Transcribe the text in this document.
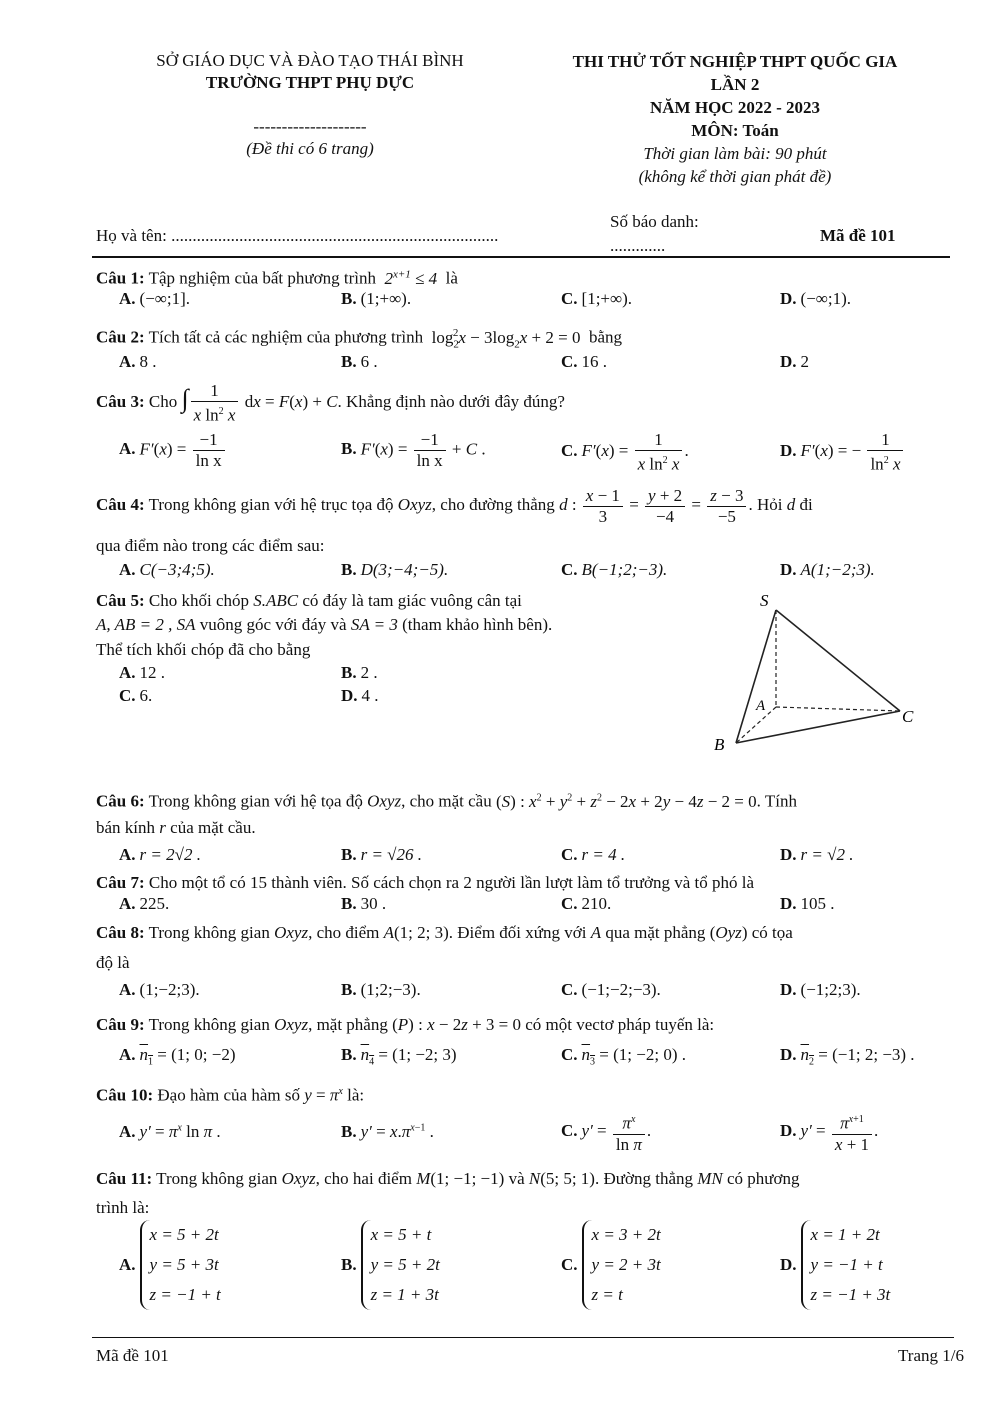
SỞ GIÁO DỤC VÀ ĐÀO TẠO THÁI BÌNH
TRƯỜNG THPT PHỤ DỰC
--------------------
(Đề thi có 6 trang)
THI THỬ TỐT NGHIỆP THPT QUỐC GIA
LẦN 2
NĂM HỌC 2022 - 2023
MÔN: Toán
Thời gian làm bài: 90 phút
(không kể thời gian phát đề)
Họ và tên: .............................................................................
Số báo danh:
.............
Mã đề 101
Câu 1: Tập nghiệm của bất phương trình  $2^{x+1} \le 4$  là
A. (−∞;1].	B. (1;+∞).	C. [1;+∞).	D. (−∞;1).
Câu 2: Tích tất cả các nghiệm của phương trình  $\log_2^2x - 3\log_2x + 2 = 0$  bằng
A. 8 .	B. 6 .	C. 16 .	D. 2
Câu 3: Cho ∫ $\frac{1}{x \ln^2 x}$ dx = F(x) + C. Khẳng định nào dưới đây đúng?
A. $F'(x) = \frac{-1}{\text{ln x}}$	B. $F'(x) = \frac{-1}{\text{ln x}} + C$ .	C. $F'(x) = \frac{1}{x \ln^2 x}$ .	D. F′(x) = − $\frac{1}{\ln^2 x}$
Câu 4: Trong không gian với hệ trục tọa độ Oxyz, cho đường thẳng d : $\frac{x - 1}{3} = \frac{y + 2}{-4} = \frac{z - 3}{-5}$ . Hỏi d đi
qua điểm nào trong các điểm sau:
A. C(−3;4;5).	B. D(3;−4;−5).	C. B(−1;2;−3).	D. A(1;−2;3).
Câu 5: Cho khối chóp S.ABC có đáy là tam giác vuông cân tại
A, AB = 2 , SA vuông góc với đáy và SA = 3 (tham khảo hình bên).
Thể tích khối chóp đã cho bằng
A. 12 .	B. 2 .
C. 6.	D. 4 .
S
A
B
C
Câu 6: Trong không gian với hệ tọa độ Oxyz, cho mặt cầu (S) : $x^2 + y^2 + z^2 - 2x + 2y - 4z - 2 = 0$. Tính
bán kính r của mặt cầu.
A. r = 2√2 .	B. r = √26 .	C. r = 4 .	D. r = √2 .
Câu 7: Cho một tổ có 15 thành viên. Số cách chọn ra 2 người lần lượt làm tổ trưởng và tổ phó là
A. 225.	B. 30 .	C. 210.	D. 105 .
Câu 8: Trong không gian Oxyz, cho điểm A(1; 2; 3). Điểm đối xứng với A qua mặt phẳng (Oyz) có tọa
độ là
A. (1;−2;3).	B. (1;2;−3).	C. (−1;−2;−3).	D. (−1;2;3).
Câu 9: Trong không gian Oxyz, mặt phẳng (P) : x − 2z + 3 = 0 có một vectơ pháp tuyến là:
A. $n_1 = (1$; 0; −2)	B. $n_4 = (1$; −2; 3)	C. $n_3 = (1$; −2; 0) .	D. $n_2 = (-1$; 2; −3) .
Câu 10: Đạo hàm của hàm số $y = \pi^x$ là:
A. $y' = \pi^x$ ln π .	B. $y' = x.\pi^{x-1}$ .	C. $y' = \frac{\pi^x}{\text{ln π}}$ .	D. $y' = \frac{\pi^{x+1}}{x + 1}$ .
Câu 11: Trong không gian Oxyz, cho hai điểm M(1; −1; −1) và N(5; 5; 1). Đường thẳng MN có phương
trình là:
A.
x = 5 + 2t
y = 5 + 3t
z = −1 + t
B.
x = 5 + t
y = 5 + 2t
z = 1 + 3t
C.
x = 3 + 2t
y = 2 + 3t
z = t
D.
x = 1 + 2t
y = −1 + t
z = −1 + 3t
Mã đề 101	Trang 1/6
